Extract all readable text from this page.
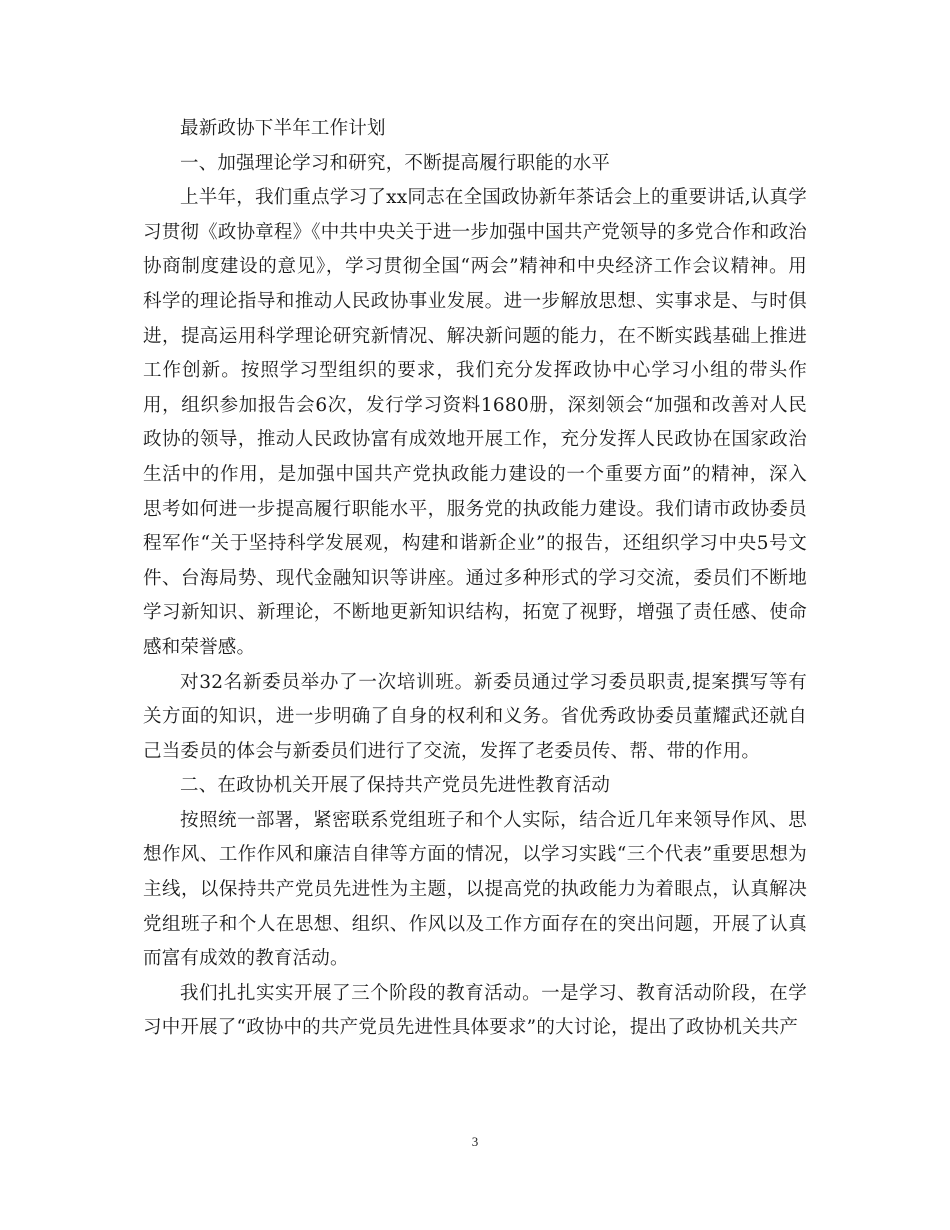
最新政协下半年工作计划

一、加强理论学习和研究，不断提高履行职能的水平

上半年，我们重点学习了xx同志在全国政协新年茶话会上的重要讲话,认真学习贯彻《政协章程》《中共中央关于进一步加强中国共产党领导的多党合作和政治协商制度建设的意见》，学习贯彻全国“两会”精神和中央经济工作会议精神。用科学的理论指导和推动人民政协事业发展。进一步解放思想、实事求是、与时俱进，提高运用科学理论研究新情况、解决新问题的能力，在不断实践基础上推进工作创新。按照学习型组织的要求，我们充分发挥政协中心学习小组的带头作用，组织参加报告会6次，发行学习资料1680册，深刻领会“加强和改善对人民政协的领导，推动人民政协富有成效地开展工作，充分发挥人民政协在国家政治生活中的作用，是加强中国共产党执政能力建设的一个重要方面”的精神，深入思考如何进一步提高履行职能水平，服务党的执政能力建设。我们请市政协委员程军作“关于坚持科学发展观，构建和谐新企业”的报告，还组织学习中央5号文件、台海局势、现代金融知识等讲座。通过多种形式的学习交流，委员们不断地学习新知识、新理论，不断地更新知识结构，拓宽了视野，增强了责任感、使命感和荣誉感。

对32名新委员举办了一次培训班。新委员通过学习委员职责,提案撰写等有关方面的知识，进一步明确了自身的权利和义务。省优秀政协委员董耀武还就自己当委员的体会与新委员们进行了交流，发挥了老委员传、帮、带的作用。

二、在政协机关开展了保持共产党员先进性教育活动

按照统一部署，紧密联系党组班子和个人实际，结合近几年来领导作风、思想作风、工作作风和廉洁自律等方面的情况，以学习实践“三个代表”重要思想为主线，以保持共产党员先进性为主题，以提高党的执政能力为着眼点，认真解决党组班子和个人在思想、组织、作风以及工作方面存在的突出问题，开展了认真而富有成效的教育活动。

我们扎扎实实开展了三个阶段的教育活动。一是学习、教育活动阶段，在学习中开展了“政协中的共产党员先进性具体要求”的大讨论，提出了政协机关共产

3
